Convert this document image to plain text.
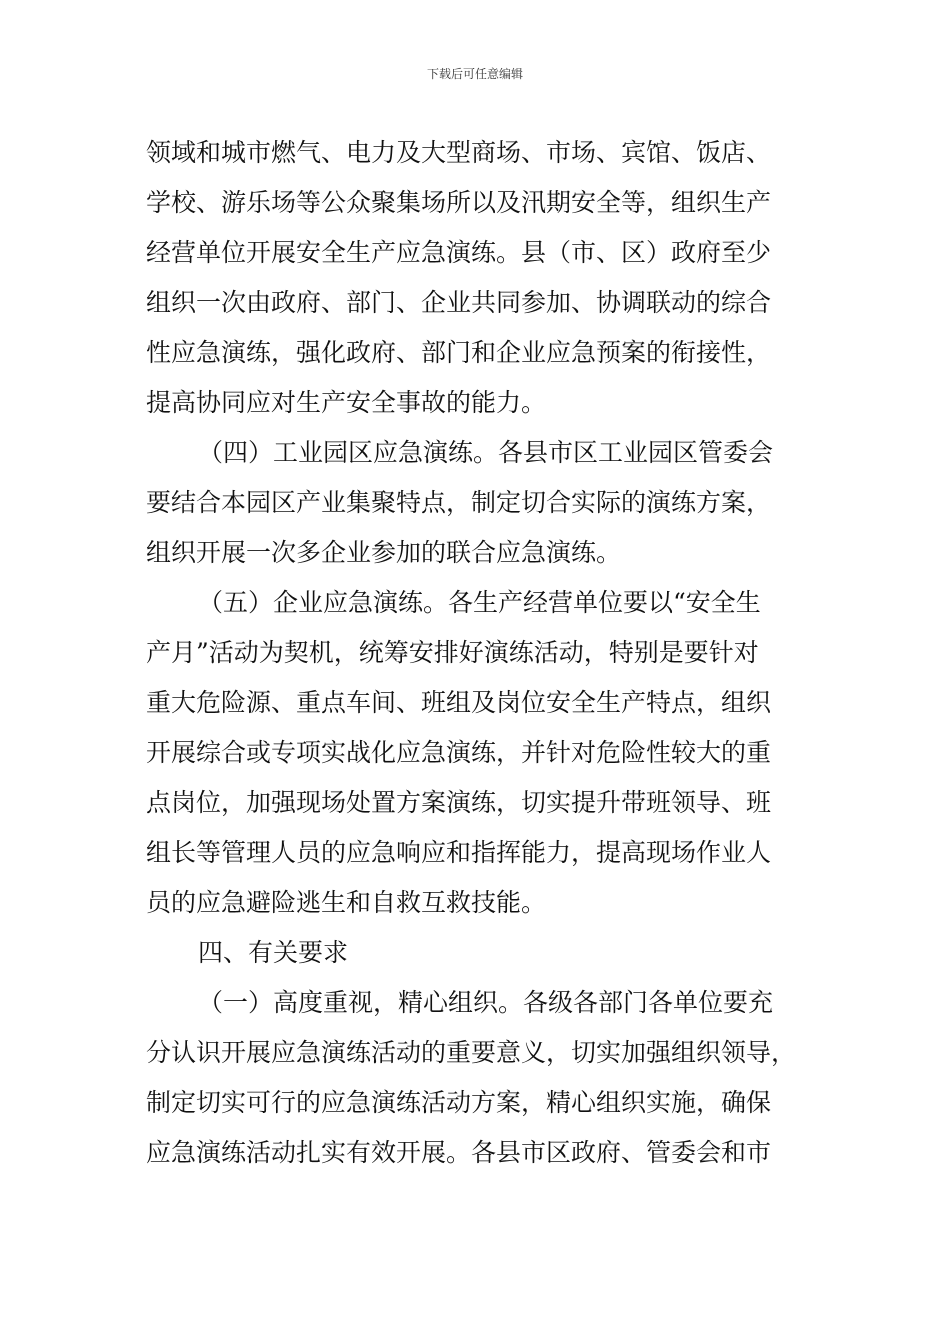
下载后可任意编辑
领域和城市燃气、电力及大型商场、市场、宾馆、饭店、
学校、游乐场等公众聚集场所以及汛期安全等，组织生产
经营单位开展安全生产应急演练。县（市、区）政府至少
组织一次由政府、部门、企业共同参加、协调联动的综合
性应急演练，强化政府、部门和企业应急预案的衔接性，
提高协同应对生产安全事故的能力。
（四）工业园区应急演练。各县市区工业园区管委会
要结合本园区产业集聚特点，制定切合实际的演练方案，
组织开展一次多企业参加的联合应急演练。
（五）企业应急演练。各生产经营单位要以“安全生
产月”活动为契机，统筹安排好演练活动，特别是要针对
重大危险源、重点车间、班组及岗位安全生产特点，组织
开展综合或专项实战化应急演练，并针对危险性较大的重
点岗位，加强现场处置方案演练，切实提升带班领导、班
组长等管理人员的应急响应和指挥能力，提高现场作业人
员的应急避险逃生和自救互救技能。
四、有关要求
（一）高度重视，精心组织。各级各部门各单位要充
分认识开展应急演练活动的重要意义，切实加强组织领导，
制定切实可行的应急演练活动方案，精心组织实施，确保
应急演练活动扎实有效开展。各县市区政府、管委会和市
